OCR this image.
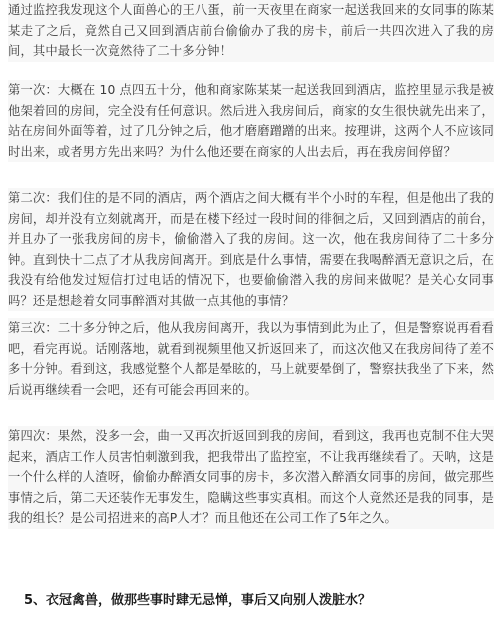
通过监控我发现这个人面兽心的王八蛋，前一天夜里在商家一起送我回来的女同事的陈某某走了之后，竟然自己又回到酒店前台偷偷办了我的房卡，前后一共四次进入了我的房间，其中最长一次竟然待了二十多分钟！

第一次：大概在 10 点四五十分，他和商家陈某某一起送我回到酒店，监控里显示我是被他架着回的房间，完全没有任何意识。然后进入我房间后，商家的女生很快就先出来了，站在房间外面等着，过了几分钟之后，他才磨磨蹭蹭的出来。按理讲，这两个人不应该同时出来，或者男方先出来吗？为什么他还要在商家的人出去后，再在我房间停留？

第二次：我们住的是不同的酒店，两个酒店之间大概有半个小时的车程，但是他出了我的房间，却并没有立刻就离开，而是在楼下经过一段时间的徘徊之后，又回到酒店的前台，并且办了一张我房间的房卡，偷偷潜入了我的房间。这一次，他在我房间待了二十多分钟。直到快十二点了才从我房间离开。到底是什么事情，需要在我喝醉酒无意识之后，在我没有给他发过短信打过电话的情况下，也要偷偷潜入我的房间来做呢？是关心女同事吗？还是想趁着女同事醉酒对其做一点其他的事情？

第三次：二十多分钟之后，他从我房间离开，我以为事情到此为止了，但是警察说再看看吧，看完再说。话刚落地，就看到视频里他又折返回来了，而这次他又在我房间待了差不多十分钟。看到这，我感觉整个人都是晕眩的，马上就要晕倒了，警察扶我坐了下来，然后说再继续看一会吧，还有可能会再回来的。

第四次：果然，没多一会，曲一又再次折返回到我的房间，看到这，我再也克制不住大哭起来，酒店工作人员害怕刺激到我，把我带出了监控室，不让我再继续看了。天呐，这是一个什么样的人渣呀，偷偷办醉酒女同事的房卡，多次潜入醉酒女同事的房间，做完那些事情之后，第二天还装作无事发生，隐瞒这些事实真相。而这个人竟然还是我的同事，是我的组长？是公司招进来的高P人才？而且他还在公司工作了5年之久。

5、衣冠禽兽，做那些事时肆无忌惮，事后又向别人泼脏水？
